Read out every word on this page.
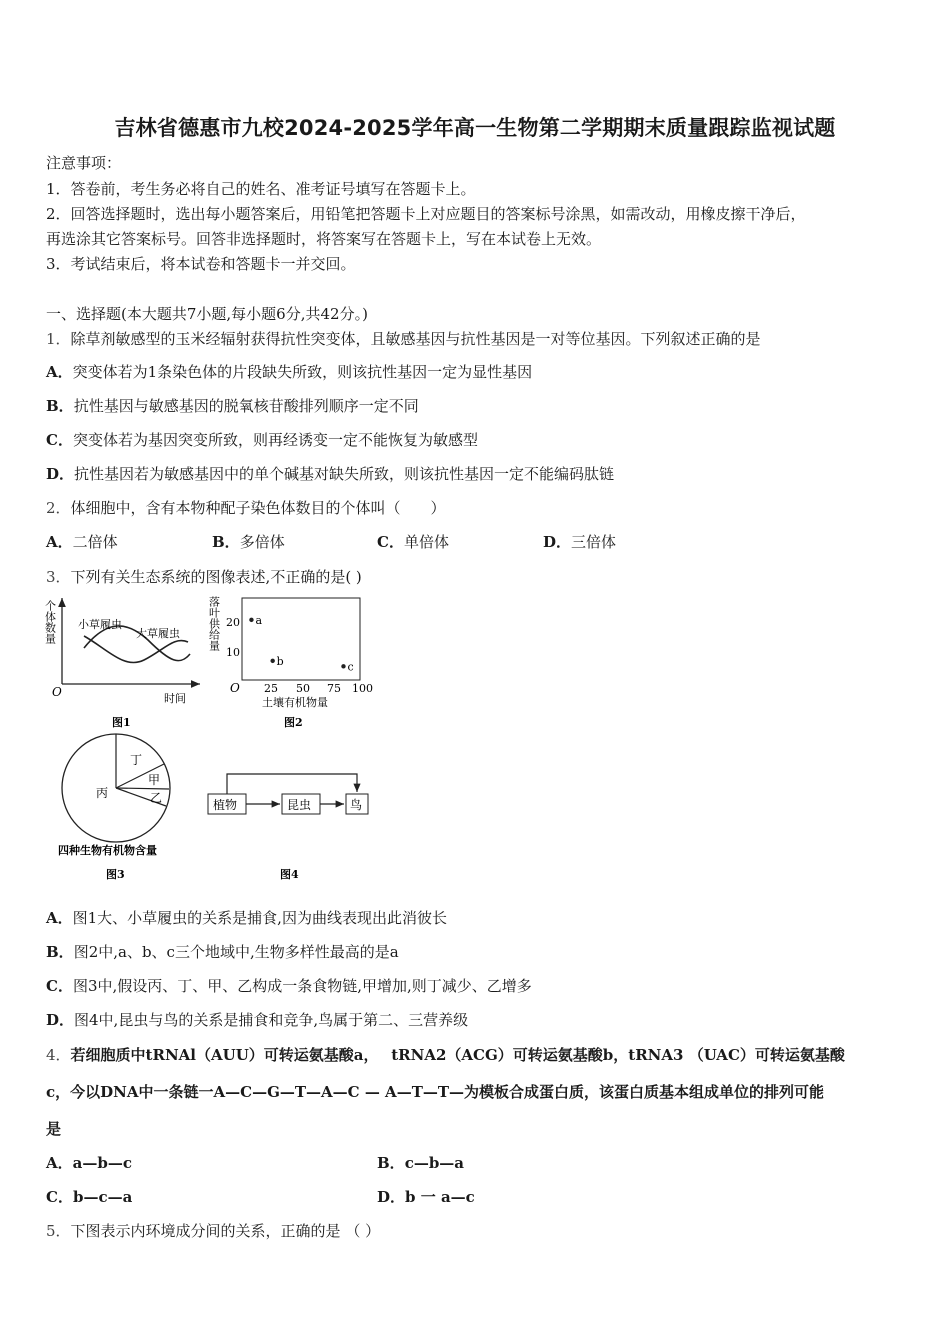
吉林省德惠市九校2024-2025学年高一生物第二学期期末质量跟踪监视试题
注意事项：
1．答卷前，考生务必将自己的姓名、准考证号填写在答题卡上。
2．回答选择题时，选出每小题答案后，用铅笔把答题卡上对应题目的答案标号涂黑，如需改动，用橡皮擦干净后，
再选涂其它答案标号。回答非选择题时，将答案写在答题卡上，写在本试卷上无效。
3．考试结束后，将本试卷和答题卡一并交回。
一、选择题(本大题共7小题,每小题6分,共42分。)
1．除草剂敏感型的玉米经辐射获得抗性突变体，且敏感基因与抗性基因是一对等位基因。下列叙述正确的是
A．突变体若为1条染色体的片段缺失所致，则该抗性基因一定为显性基因
B．抗性基因与敏感基因的脱氧核苷酸排列顺序一定不同
C．突变体若为基因突变所致，则再经诱变一定不能恢复为敏感型
D．抗性基因若为敏感基因中的单个碱基对缺失所致，则该抗性基因一定不能编码肽链
2．体细胞中，含有本物种配子染色体数目的个体叫（　　）
A．二倍体	B．多倍体	C．单倍体	D．三倍体
3．下列有关生态系统的图像表述,不正确的是( )
个体数量
时间
O
小草履虫
大草履虫
图1
落叶供给量 20
10
O 25 50 75 100
土壤有机物量
a
b	c
图2
丙
丁
甲
乙
四种生物有机物含量
图3
植物	昆虫	鸟
图4
A．图1大、小草履虫的关系是捕食,因为曲线表现出此消彼长
B．图2中,a、b、c三个地域中,生物多样性最高的是a
C．图3中,假设丙、丁、甲、乙构成一条食物链,甲增加,则丁减少、乙增多
D．图4中,昆虫与鸟的关系是捕食和竞争,鸟属于第二、三营养级
4．若细胞质中tRNAl（AUU）可转运氨基酸a，　 tRNA2（ACG）可转运氨基酸b，tRNA3 （UAC）可转运氨基酸
c，今以DNA中一条链一A—C—G—T—A—C — A—T—T—为模板合成蛋白质，该蛋白质基本组成单位的排列可能
是
A．a—b—c	B．c—b—a
C．b—c—a	D．b 一 a—c
5．下图表示内环境成分间的关系，正确的是 （ ）
